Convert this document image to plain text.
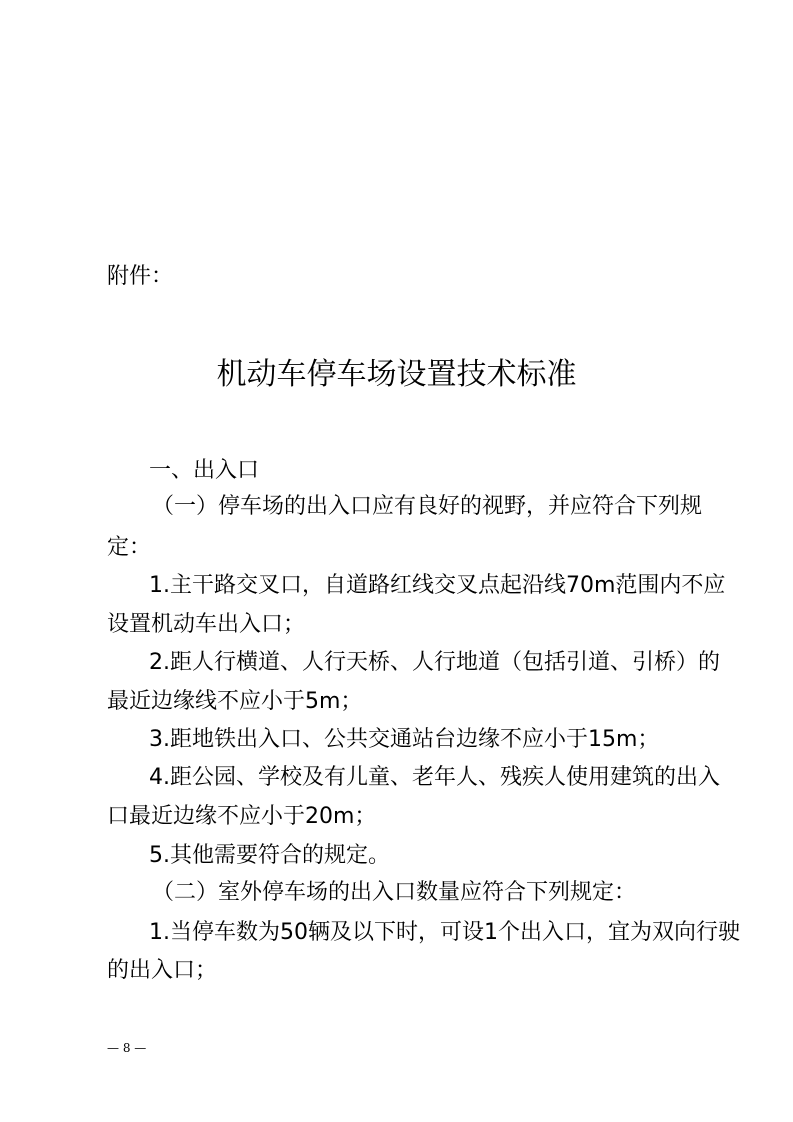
附件：
机动车停车场设置技术标准
一、出入口
（一）停车场的出入口应有良好的视野，并应符合下列规
定：
1.主干路交叉口，自道路红线交叉点起沿线70m范围内不应
设置机动车出入口；
2.距人行横道、人行天桥、人行地道（包括引道、引桥）的
最近边缘线不应小于5m；
3.距地铁出入口、公共交通站台边缘不应小于15m；
4.距公园、学校及有儿童、老年人、残疾人使用建筑的出入
口最近边缘不应小于20m；
5.其他需要符合的规定。
（二）室外停车场的出入口数量应符合下列规定：
1.当停车数为50辆及以下时，可设1个出入口，宜为双向行驶
的出入口；
— 8 —
